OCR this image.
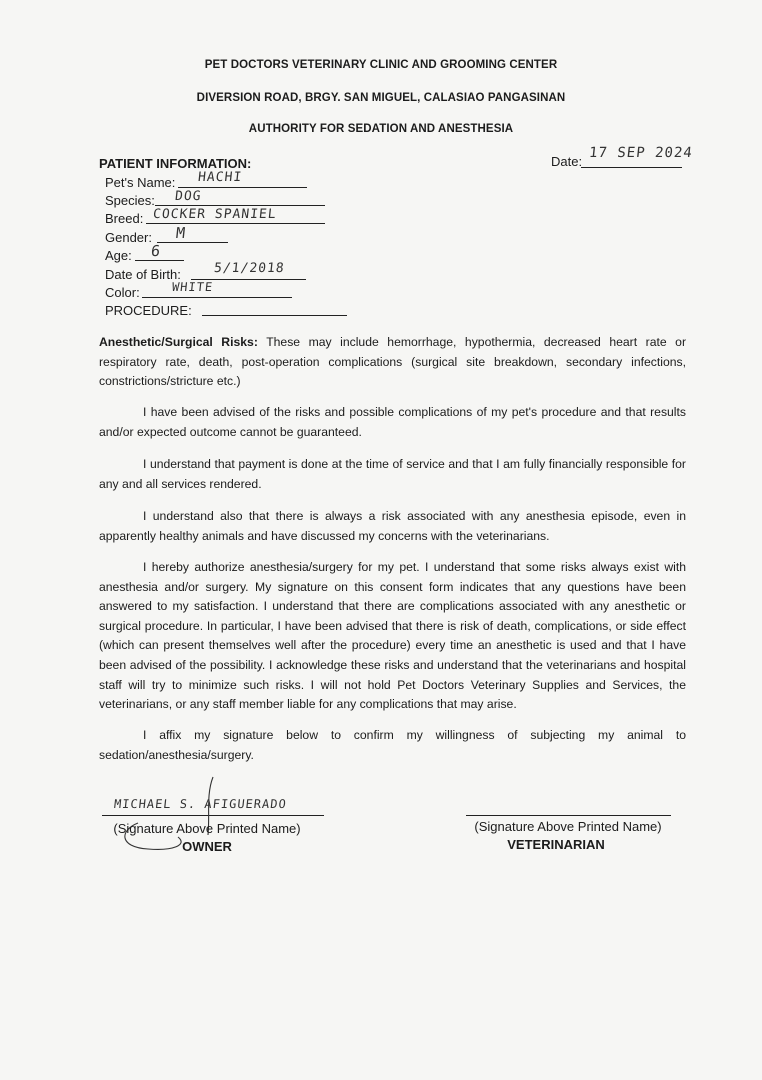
PET DOCTORS VETERINARY CLINIC AND GROOMING CENTER
DIVERSION ROAD, BRGY. SAN MIGUEL, CALASIAO PANGASINAN
AUTHORITY FOR SEDATION AND ANESTHESIA
Date:
17 SEP 2024
PATIENT INFORMATION:
Pet's Name: HACHI
Species: DOG
Breed: COCKER SPANIEL
Gender: M
Age: 6
Date of Birth: 5/1/2018
Color:	WHITE
PROCEDURE:
Anesthetic/Surgical Risks: These may include hemorrhage, hypothermia, decreased heart rate or respiratory rate, death, post-operation complications (surgical site breakdown, secondary infections, constrictions/stricture etc.)
I have been advised of the risks and possible complications of my pet's procedure and that results and/or expected outcome cannot be guaranteed.
I understand that payment is done at the time of service and that I am fully financially responsible for any and all services rendered.
I understand also that there is always a risk associated with any anesthesia episode, even in apparently healthy animals and have discussed my concerns with the veterinarians.
I hereby authorize anesthesia/surgery for my pet. I understand that some risks always exist with anesthesia and/or surgery. My signature on this consent form indicates that any questions have been answered to my satisfaction. I understand that there are complications associated with any anesthetic or surgical procedure. In particular, I have been advised that there is risk of death, complications, or side effect (which can present themselves well after the procedure) every time an anesthetic is used and that I have been advised of the possibility. I acknowledge these risks and understand that the veterinarians and hospital staff will try to minimize such risks. I will not hold Pet Doctors Veterinary Supplies and Services, the veterinarians, or any staff member liable for any complications that may arise.
I affix my signature below to confirm my willingness of subjecting my animal to sedation/anesthesia/surgery.
MICHAEL S. AFIGUERADO
(Signature Above Printed Name)
OWNER
(Signature Above Printed Name)
VETERINARIAN
